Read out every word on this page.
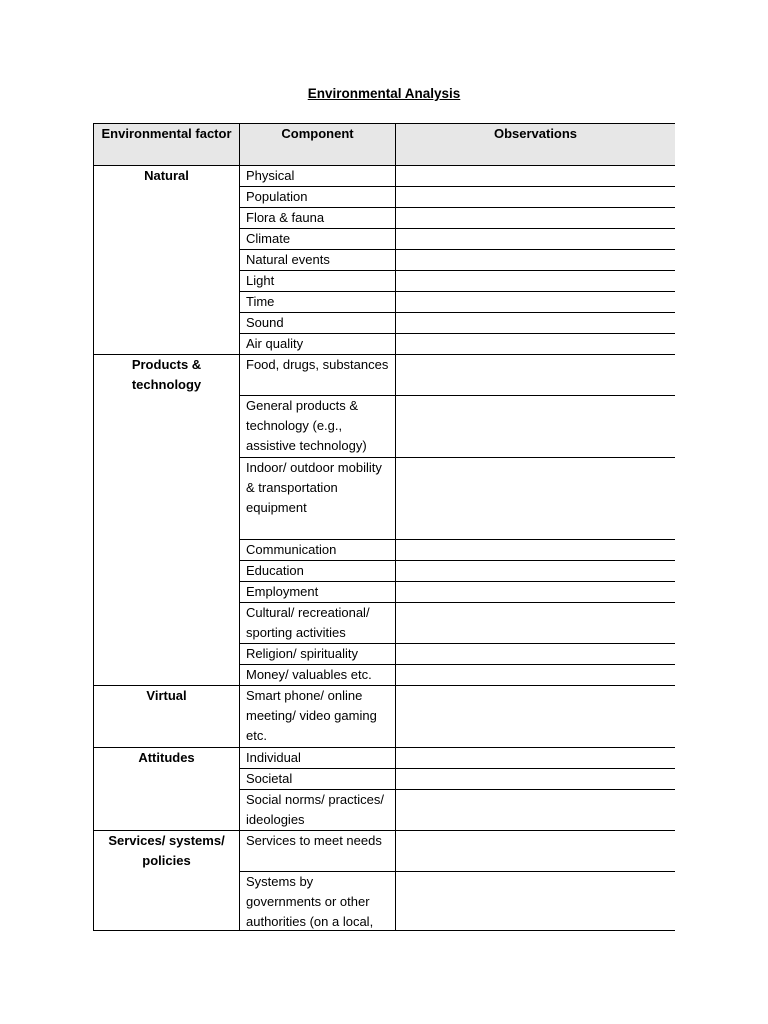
Environmental Analysis
Environmental factor	Component	Observations
Natural	Physical	
	Population	
	Flora & fauna	
	Climate	
	Natural events	
	Light	
	Time	
	Sound	
	Air quality	
Products & technology	Food, drugs, substances	
	General products & technology (e.g., assistive technology)	
	Indoor/ outdoor mobility & transportation equipment	
	Communication	
	Education	
	Employment	
	Cultural/ recreational/ sporting activities	
	Religion/ spirituality	
	Money/ valuables etc.	
Virtual	Smart phone/ online meeting/ video gaming etc.	
Attitudes	Individual	
	Societal	
	Social norms/ practices/ ideologies	
Services/ systems/ policies	Services to meet needs	
	Systems by governments or other authorities (on a local,	
